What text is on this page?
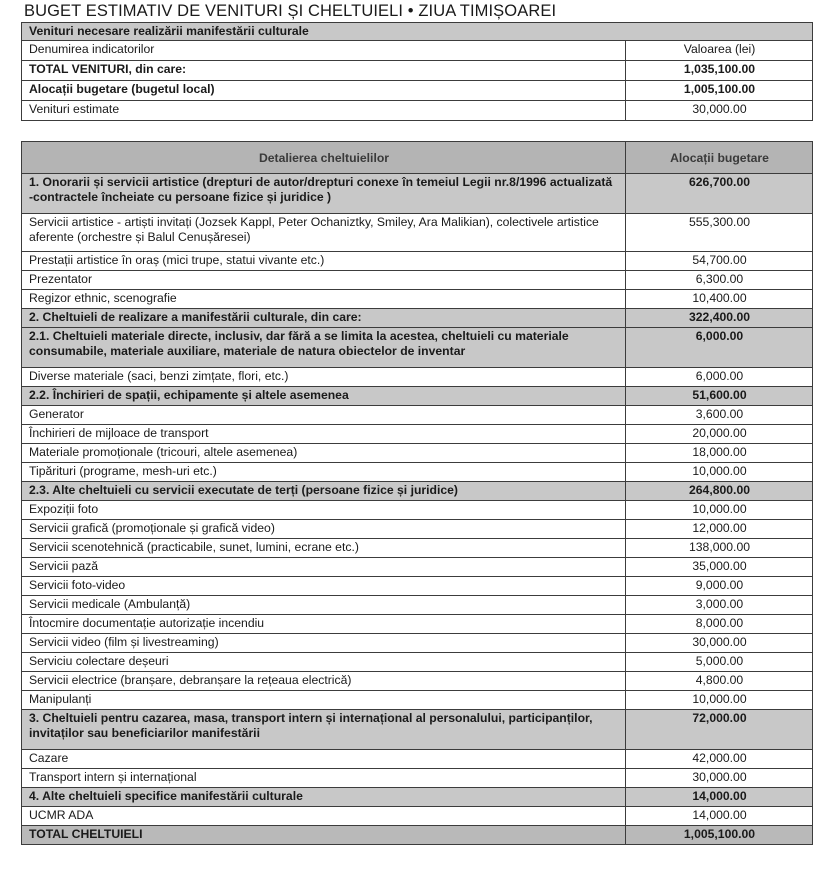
BUGET ESTIMATIV DE VENITURI ȘI CHELTUIELI • ZIUA TIMIȘOAREI
Venituri necesare realizării manifestării culturale	
Denumirea indicatorilor	Valoarea (lei)
TOTAL VENITURI, din care:	1,035,100.00
Alocații bugetare (bugetul local)	1,005,100.00
Venituri estimate	30,000.00
Detalierea cheltuielilor	Alocații bugetare
1. Onorarii și servicii artistice (drepturi de autor/drepturi conexe în temeiul Legii nr.8/1996 actualizată -contractele încheiate cu persoane fizice și juridice )	626,700.00
Servicii artistice - artiști invitați (Jozsek Kappl, Peter Ochaniztky, Smiley, Ara Malikian), colectivele artistice aferente (orchestre și Balul Cenușăresei)	555,300.00
Prestații artistice în oraș (mici trupe, statui vivante etc.)	54,700.00
Prezentator	6,300.00
Regizor ethnic, scenografie	10,400.00
2. Cheltuieli de realizare a manifestării culturale, din care:	322,400.00
2.1. Cheltuieli materiale directe, inclusiv, dar fără a se limita la acestea, cheltuieli cu materiale consumabile, materiale auxiliare, materiale de natura obiectelor de inventar	6,000.00
Diverse materiale (saci, benzi zimțate, flori, etc.)	6,000.00
2.2. Închirieri de spații, echipamente și altele asemenea	51,600.00
Generator	3,600.00
Închirieri de mijloace de transport	20,000.00
Materiale promoționale (tricouri, altele asemenea)	18,000.00
Tipărituri (programe, mesh-uri etc.)	10,000.00
2.3. Alte cheltuieli cu servicii executate de terți (persoane fizice și juridice)	264,800.00
Expoziții foto	10,000.00
Servicii grafică (promoționale și grafică video)	12,000.00
Servicii scenotehnică (practicabile, sunet, lumini, ecrane etc.)	138,000.00
Servicii pază	35,000.00
Servicii foto-video	9,000.00
Servicii medicale (Ambulanță)	3,000.00
Întocmire documentație autorizație incendiu	8,000.00
Servicii video (film și livestreaming)	30,000.00
Serviciu colectare deșeuri	5,000.00
Servicii electrice (branșare, debranșare la rețeaua electrică)	4,800.00
Manipulanți	10,000.00
3. Cheltuieli pentru cazarea, masa, transport intern și internațional al personalului, participanților, invitaților sau beneficiarilor manifestării	72,000.00
Cazare	42,000.00
Transport intern și internațional	30,000.00
4. Alte cheltuieli specifice manifestării culturale	14,000.00
UCMR ADA	14,000.00
TOTAL CHELTUIELI	1,005,100.00
